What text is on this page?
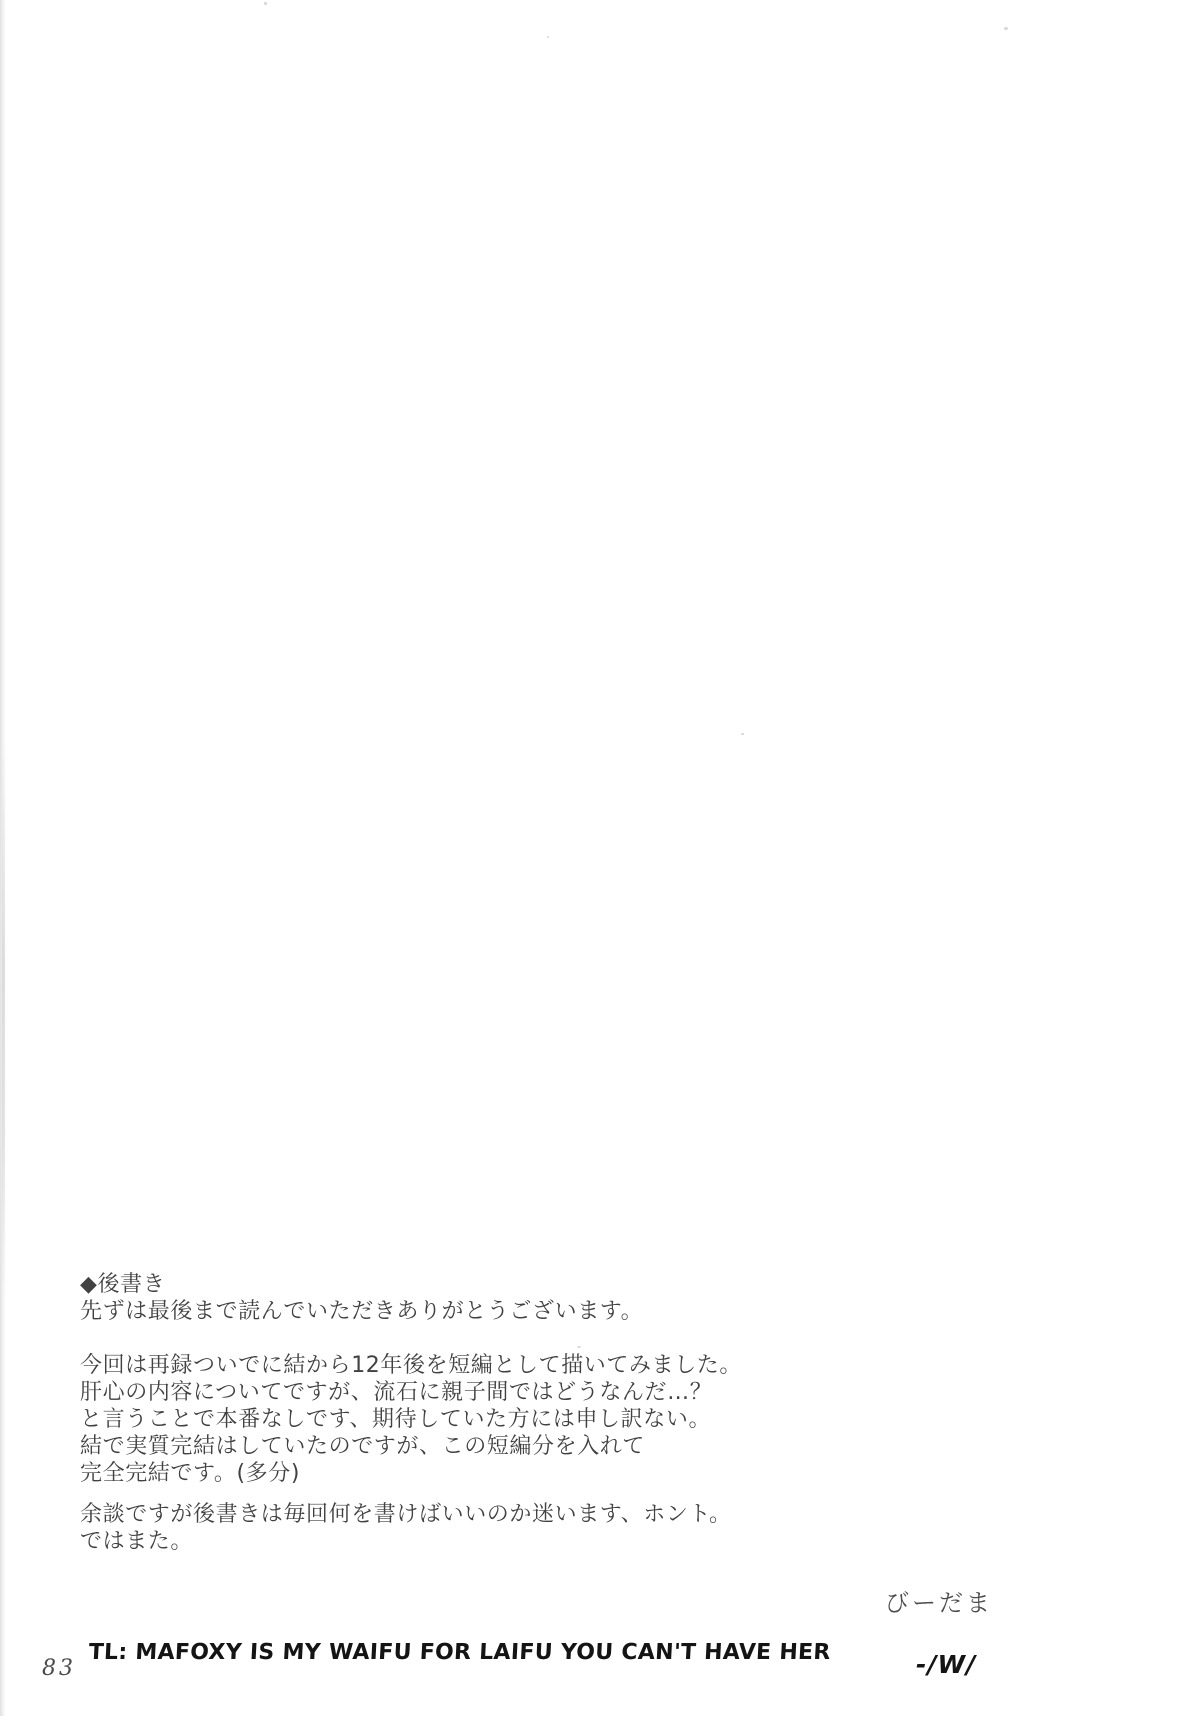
◆後書き
先ずは最後まで読んでいただきありがとうございます。
今回は再録ついでに結から12年後を短編として描いてみました。
肝心の内容についてですが、流石に親子間ではどうなんだ…？
と言うことで本番なしです、期待していた方には申し訳ない。
結で実質完結はしていたのですが、この短編分を入れて
完全完結です。(多分)
余談ですが後書きは毎回何を書けばいいのか迷います、ホント。
ではまた。
びーだま
83
TL: MAFOXY IS MY WAIFU FOR LAIFU YOU CAN'T HAVE HER	-/W/
